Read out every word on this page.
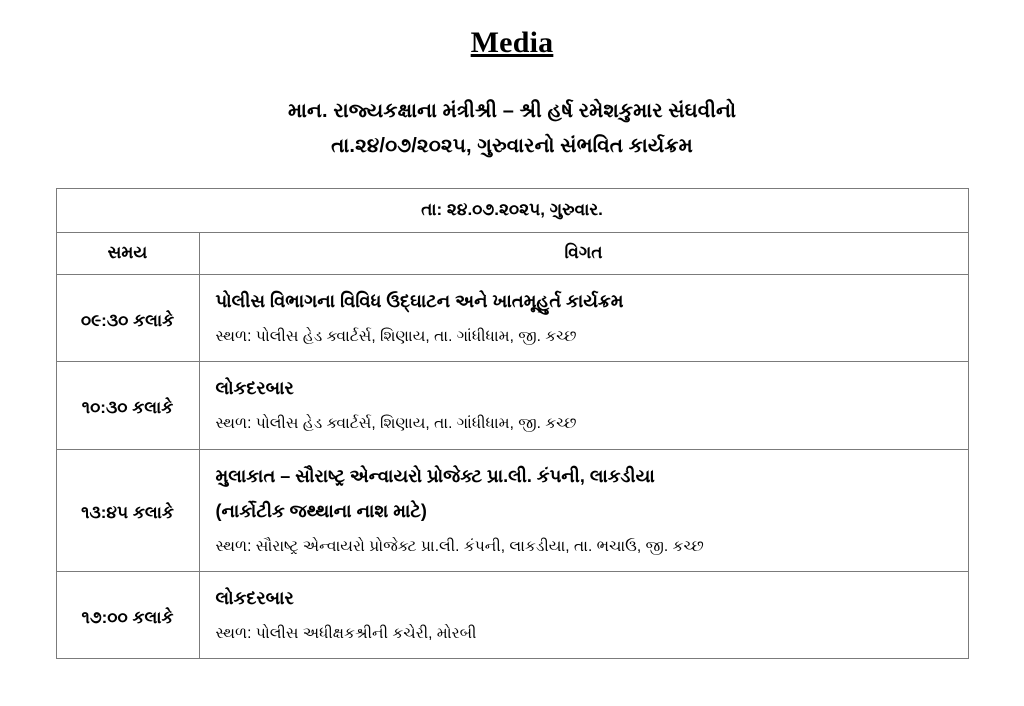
Media
માન. રાજ્યકક્ષાના મંત્રીશ્રી – શ્રી હર્ષ રમેશકુમાર સંઘવીનો
તા.૨૪/૦૭/૨૦૨૫, ગુરુવારનો સંભવિત કાર્યક્રમ
તા: ૨૪.૦૭.૨૦૨૫, ગુરુવાર.	
સમય	વિગત
૦૯:૩૦ કલાકે	પોલીસ વિભાગના વિવિધ ઉદ્ઘાટન અને ખાતમૂહુર્ત કાર્યક્રમ
સ્થળ: પોલીસ હેડ ક્વાર્ટર્સ, શિણાય, તા. ગાંધીધામ, જી. કચ્છ

૧૦:૩૦ કલાકે	લોકદરબાર
સ્થળ: પોલીસ હેડ ક્વાર્ટર્સ, શિણાય, તા. ગાંધીધામ, જી. કચ્છ

૧૩:૪૫ કલાકે	મુલાકાત – સૌરાષ્ટ્ર એન્વાયરો પ્રોજેક્ટ પ્રા.લી. કંપની, લાકડીયા
(નાર્કોટીક જથ્થાના નાશ માટે)
સ્થળ: સૌરાષ્ટ્ર એન્વાયરો પ્રોજેક્ટ પ્રા.લી. કંપની, લાકડીયા, તા. ભચાઉ, જી. કચ્છ

૧૭:૦૦ કલાકે	લોકદરબાર
સ્થળ: પોલીસ અધીક્ષકશ્રીની કચેરી, મોરબી
